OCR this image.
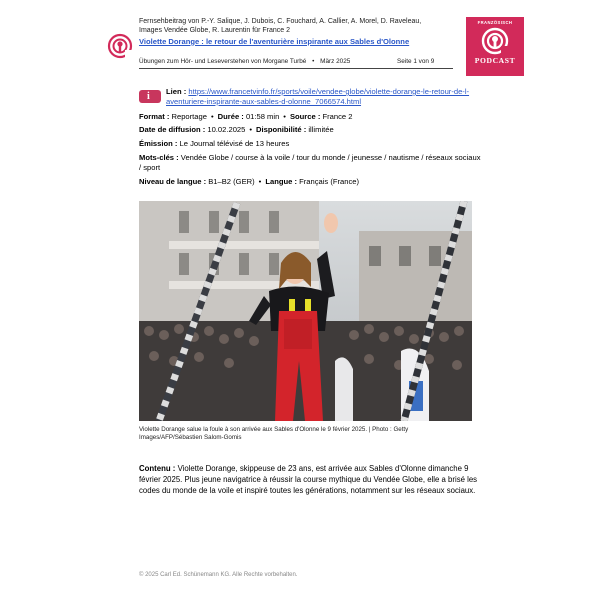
Fernsehbeitrag von P.-Y. Salique, J. Dubois, C. Fouchard, A. Callier, A. Morel, D. Raveleau,
Images Vendée Globe, R. Laurentin für France 2
Violette Dorange : le retour de l'aventurière inspirante aux Sables d'Olonne
Übungen zum Hör- und Leseverstehen von Morgane Turbé • März 2025	Seite 1 von 9
FRANZÖSISCH
PODCAST
i Lien : https://www.francetvinfo.fr/sports/voile/vendee-globe/violette-dorange-le-retour-de-l-
aventuriere-inspirante-aux-sables-d-olonne_7066574.html
Format : Reportage • Durée : 01:58 min • Source : France 2
Date de diffusion : 10.02.2025 • Disponibilité : illimitée
Émission : Le Journal télévisé de 13 heures
Mots-clés : Vendée Globe / course à la voile / tour du monde / jeunesse / nautisme / réseaux sociaux / sport
Niveau de langue : B1–B2 (GER) • Langue : Français (France)
Violette Dorange salue la foule à son arrivée aux Sables d'Olonne le 9 février 2025. | Photo : Getty Images/AFP/Sébastien Salom-Gomis
Contenu : Violette Dorange, skippeuse de 23 ans, est arrivée aux Sables d'Olonne dimanche 9 février 2025. Plus jeune navigatrice à réussir la course mythique du Vendée Globe, elle a brisé les codes du monde de la voile et inspiré toutes les générations, notamment sur les réseaux sociaux.
© 2025 Carl Ed. Schünemann KG. Alle Rechte vorbehalten.
